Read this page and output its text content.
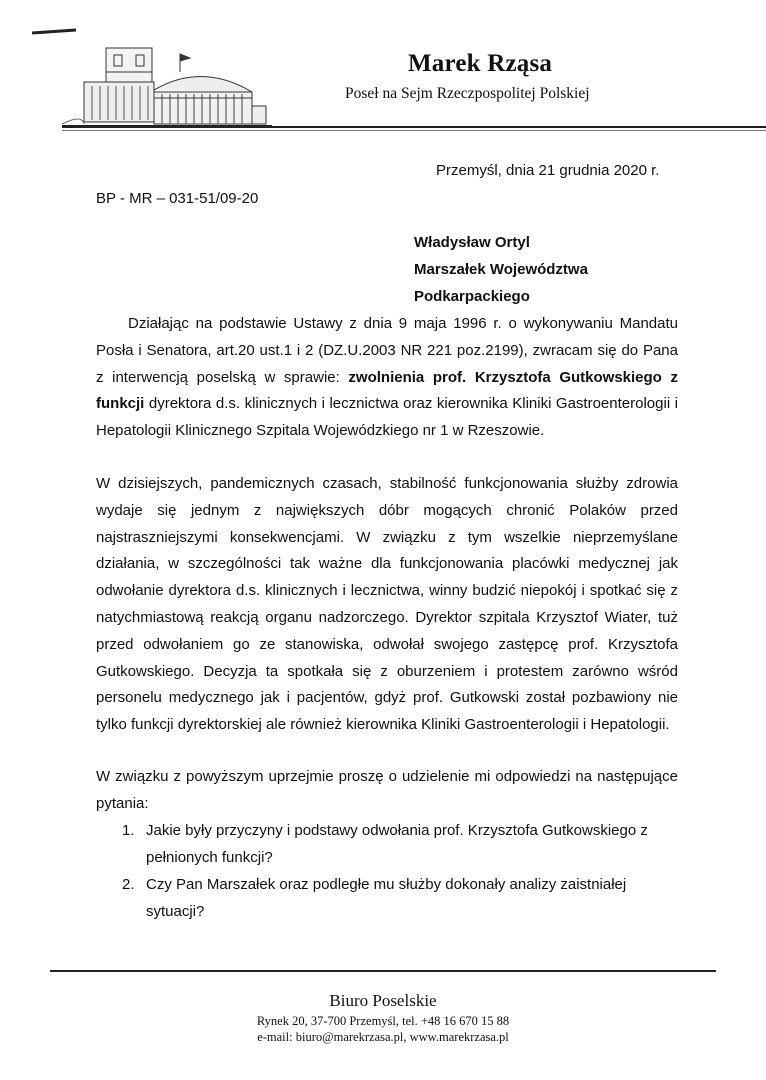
Marek Rząsa
Poseł na Sejm Rzeczpospolitej Polskiej
Przemyśl, dnia 21 grudnia 2020 r.
BP - MR – 031-51/09-20
Władysław Ortyl
Marszałek Województwa
Podkarpackiego

Działając na podstawie Ustawy z dnia 9 maja 1996 r. o wykonywaniu Mandatu Posła i Senatora, art.20 ust.1 i 2 (DZ.U.2003 NR 221 poz.2199), zwracam się do Pana z interwencją poselską w sprawie: zwolnienia prof. Krzysztofa Gutkowskiego z funkcji dyrektora d.s. klinicznych i lecznictwa oraz kierownika Kliniki Gastroenterologii i Hepatologii Klinicznego Szpitala Wojewódzkiego nr 1 w Rzeszowie.

W dzisiejszych, pandemicznych czasach, stabilność funkcjonowania służby zdrowia wydaje się jednym z największych dóbr mogących chronić Polaków przed najstraszniejszymi konsekwencjami. W związku z tym wszelkie nieprzemyślane działania, w szczególności tak ważne dla funkcjonowania placówki medycznej jak odwołanie dyrektora d.s. klinicznych i lecznictwa, winny budzić niepokój i spotkać się z natychmiastową reakcją organu nadzorczego. Dyrektor szpitala Krzysztof Wiater, tuż przed odwołaniem go ze stanowiska, odwołał swojego zastępcę prof. Krzysztofa Gutkowskiego. Decyzja ta spotkała się z oburzeniem i protestem zarówno wśród personelu medycznego jak i pacjentów, gdyż prof. Gutkowski został pozbawiony nie tylko funkcji dyrektorskiej ale również kierownika Kliniki Gastroenterologii i Hepatologii.

W związku z powyższym uprzejmie proszę o udzielenie mi odpowiedzi na następujące pytania:

1. Jakie były przyczyny i podstawy odwołania prof. Krzysztofa Gutkowskiego z pełnionych funkcji?
2. Czy Pan Marszałek oraz podległe mu służby dokonały analizy zaistniałej sytuacji?
Biuro Poselskie
Rynek 20, 37-700 Przemyśl, tel. +48 16 670 15 88
e-mail: biuro@marekrzasa.pl, www.marekrzasa.pl
